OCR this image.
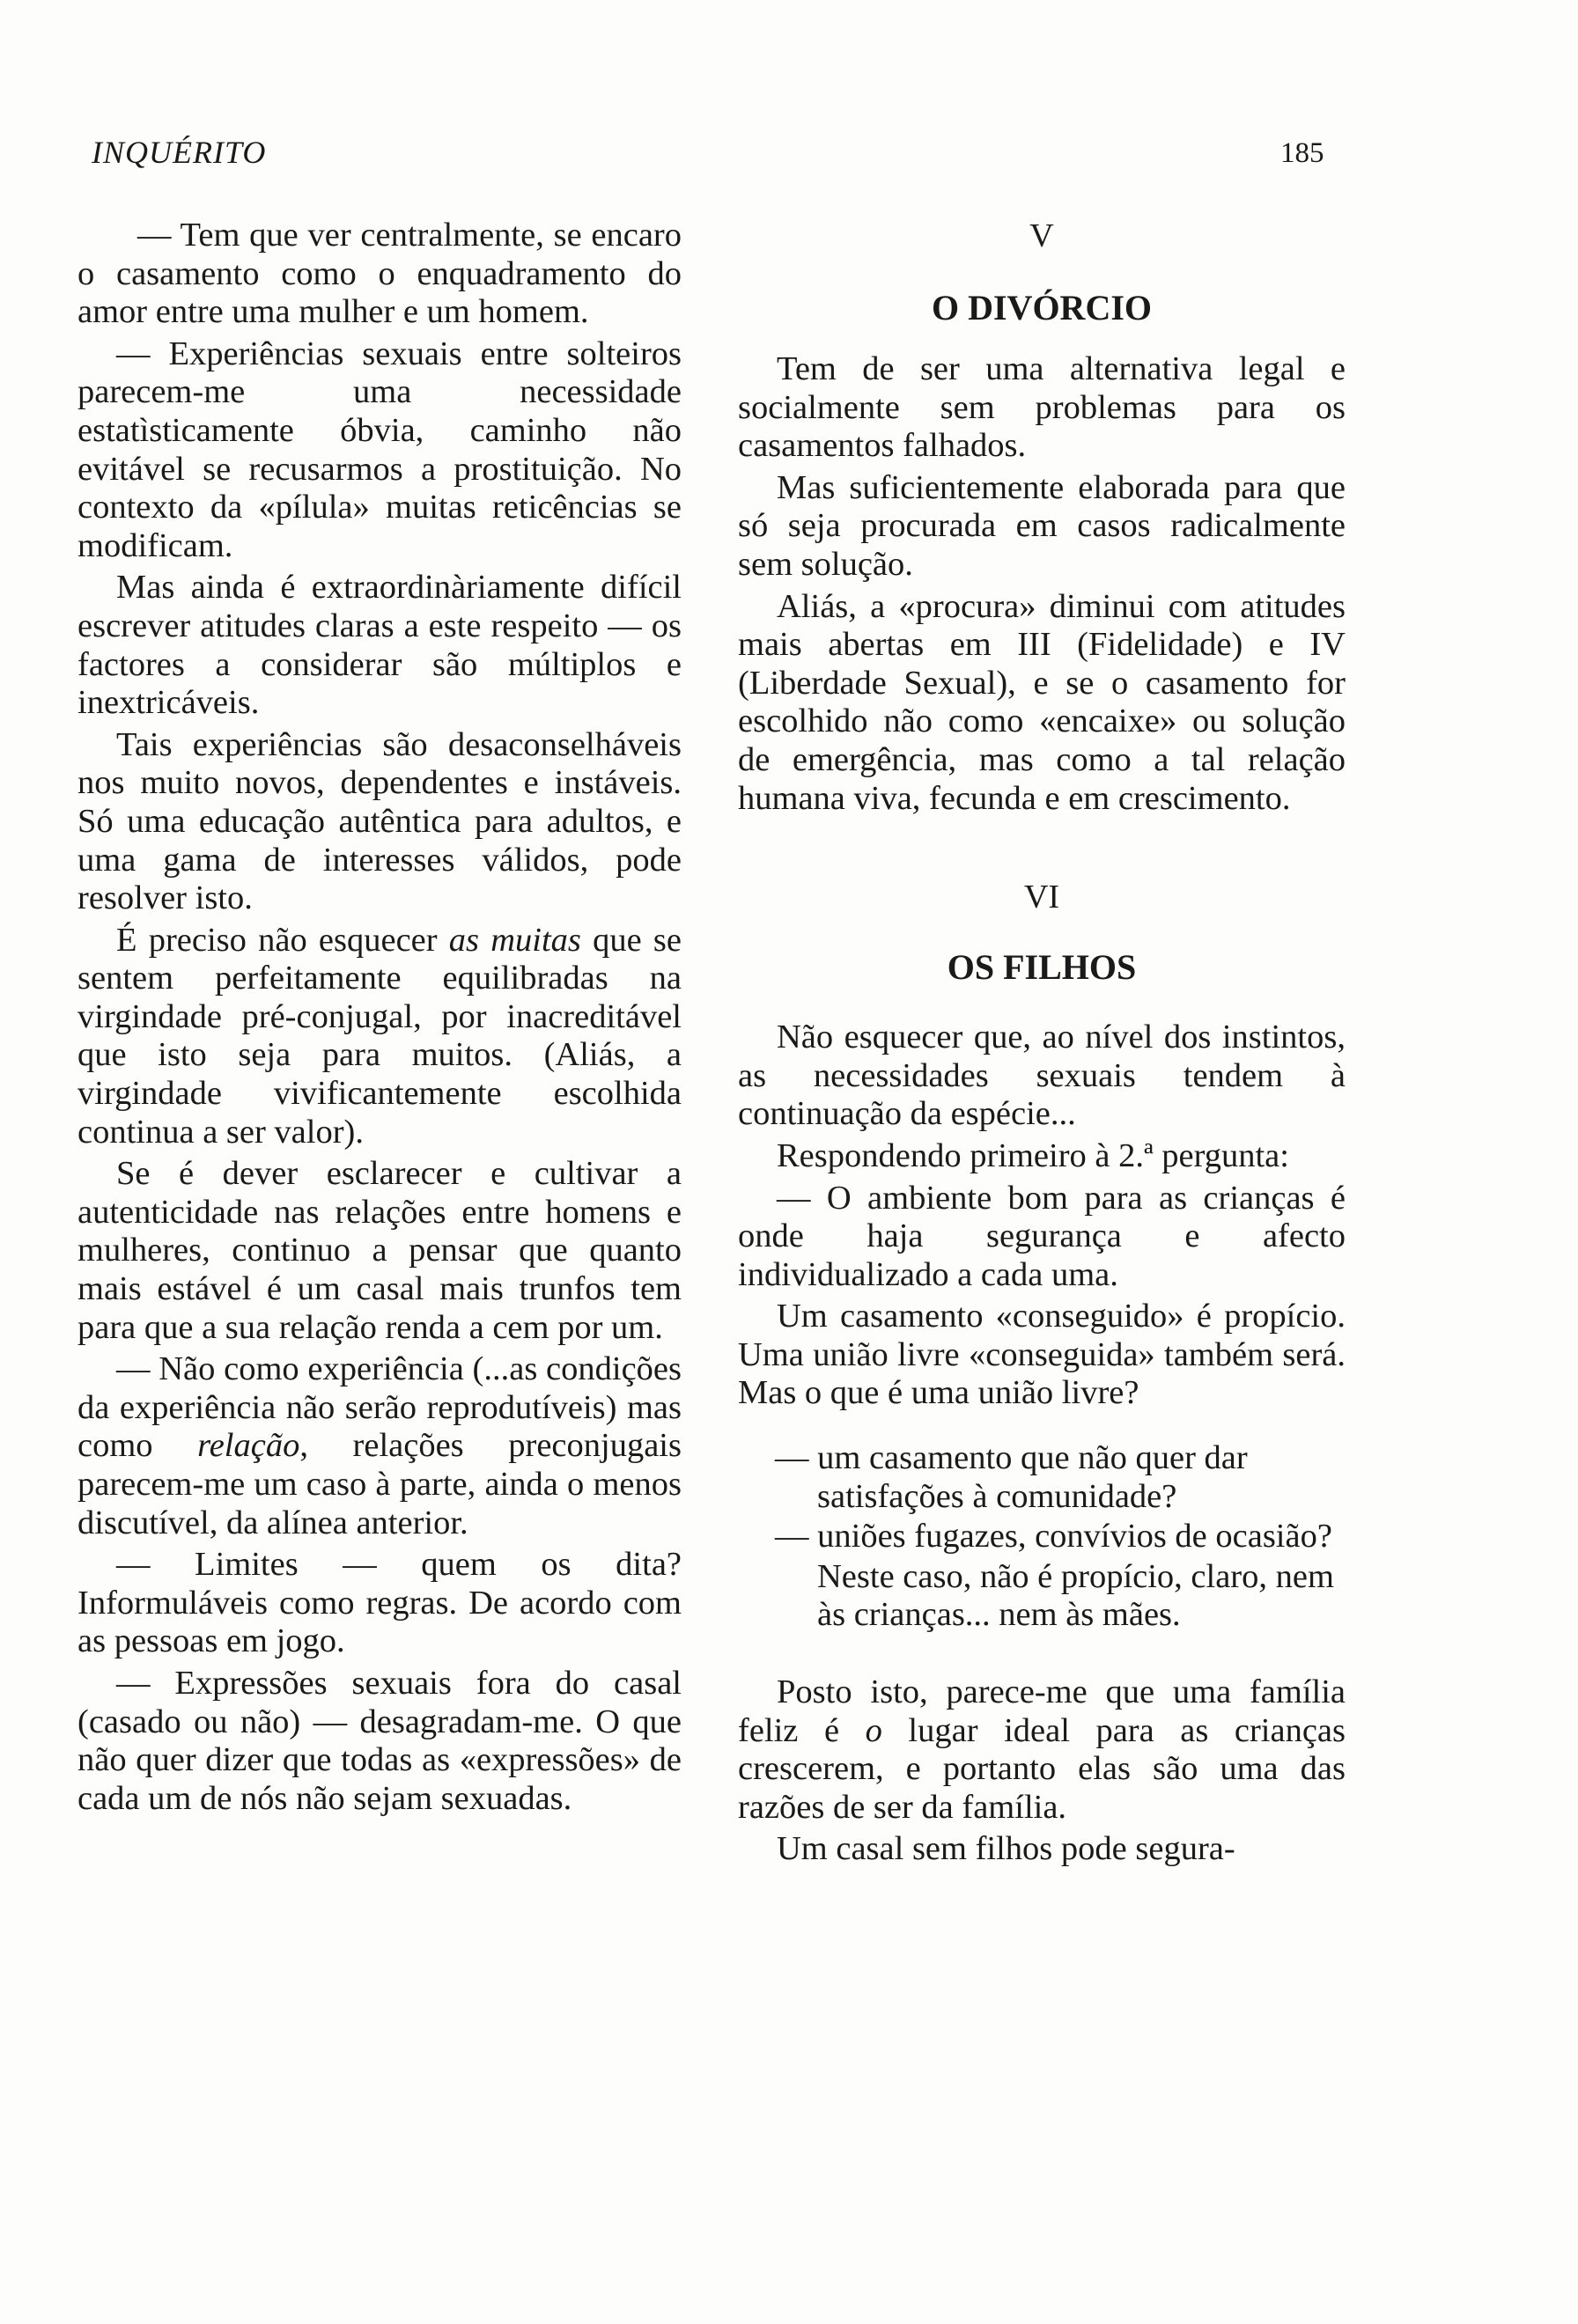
INQUÉRITO	185

— Tem que ver centralmente, se encaro o casamento como o enquadramento do amor entre uma mulher e um homem.

— Experiências sexuais entre solteiros parecem-me uma necessidade estatìsticamente óbvia, caminho não evitável se recusarmos a prostituição. No contexto da «pílula» muitas reticências se modificam.

Mas ainda é extraordinàriamente difícil escrever atitudes claras a este respeito — os factores a considerar são múltiplos e inextricáveis.

Tais experiências são desaconselháveis nos muito novos, dependentes e instáveis. Só uma educação autêntica para adultos, e uma gama de interesses válidos, pode resolver isto.

É preciso não esquecer as muitas que se sentem perfeitamente equilibradas na virgindade pré-conjugal, por inacreditável que isto seja para muitos. (Aliás, a virgindade vivificantemente escolhida continua a ser valor).

Se é dever esclarecer e cultivar a autenticidade nas relações entre homens e mulheres, continuo a pensar que quanto mais estável é um casal mais trunfos tem para que a sua relação renda a cem por um.

— Não como experiência (...as condições da experiência não serão reprodutíveis) mas como relação, relações preconjugais parecem-me um caso à parte, ainda o menos discutível, da alínea anterior.

— Limites — quem os dita? Informuláveis como regras. De acordo com as pessoas em jogo.

— Expressões sexuais fora do casal (casado ou não) — desagradam-me. O que não quer dizer que todas as «expressões» de cada um de nós não sejam sexuadas.

V
O DIVÓRCIO

Tem de ser uma alternativa legal e socialmente sem problemas para os casamentos falhados.

Mas suficientemente elaborada para que só seja procurada em casos radicalmente sem solução.

Aliás, a «procura» diminui com atitudes mais abertas em III (Fidelidade) e IV (Liberdade Sexual), e se o casamento for escolhido não como «encaixe» ou solução de emergência, mas como a tal relação humana viva, fecunda e em crescimento.

VI
OS FILHOS

Não esquecer que, ao nível dos instintos, as necessidades sexuais tendem à continuação da espécie...

Respondendo primeiro à 2.ª pergunta:

— O ambiente bom para as crianças é onde haja segurança e afecto individualizado a cada uma.

Um casamento «conseguido» é propício. Uma união livre «conseguida» também será. Mas o que é uma união livre?

— um casamento que não quer dar satisfações à comunidade?
— uniões fugazes, convívios de ocasião?

Neste caso, não é propício, claro, nem às crianças... nem às mães.

Posto isto, parece-me que uma família feliz é o lugar ideal para as crianças crescerem, e portanto elas são uma das razões de ser da família.

Um casal sem filhos pode segura-
